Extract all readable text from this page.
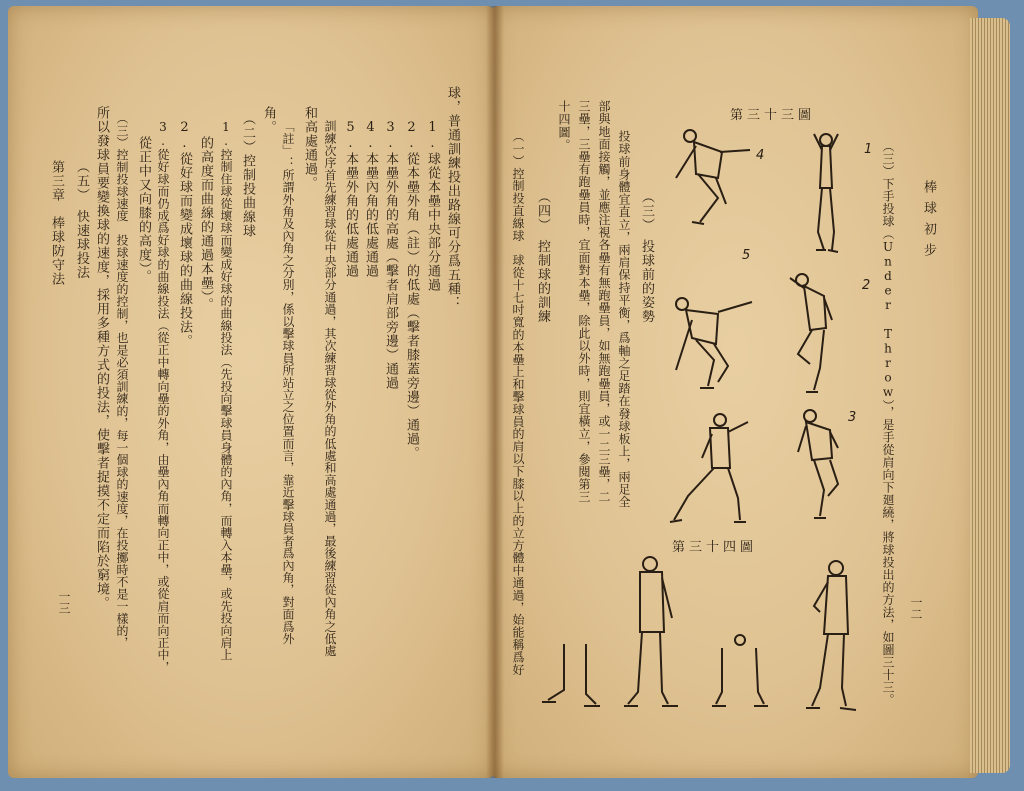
球，普通訓練投出路線可分爲五種：
1.球從本壘中央部分通過
2.從本壘外角（註）的低處（擊者膝蓋旁邊）通過。
3.本壘外角的高處（擊者肩部旁邊）通過
4.本壘內角的低處通過
5.本壘外角的低處通過
訓練次序首先練習球從中央部分通過，其次練習球從外角的低處和高處通過，最後練習從內角之低處
和高處通過。
「註」：所謂外角及內角之分別，係以擊球員所站立之位置而言，靠近擊球員者爲內角，對面爲外
角。
（二）控制投曲線球
1.控制住球從壞球而變成好球的曲線投法（先投向擊球員身體的內角，而轉入本壘，或先投向肩上
的高度而曲線的通過本壘）。
2.從好球而變成壞球的曲線投法。
3.從好球而仍成爲好球的曲線投法（從正中轉向壘的外角，由壘內角而轉向正中，或從肩而向正中，
從正中又向膝的高度）。
（三）控制投球速度　投球速度的控制，也是必須訓練的，每一個球的速度，在投擲時不是一樣的，
所以發球員要變換球的速度，採用多種方式的投法，使擊者捉摸不定而陷於窮境。
（五）　快速球投法
第三章　棒球防守法
一三
棒球初步
（三）下手投球（Under Throw），是手從肩向下廻繞，將球投出的方法，如圖三十三。 一二
（三）　投球前的姿勢
投球前身體宜直立，兩肩保持平衡，爲軸之足踏在發球板上，兩足全
部與地面接觸，並應注視各壘有無跑壘員，如無跑壘員，或一二三壘，二
三壘，三壘有跑壘員時，宜面對本壘，除此以外時，則宜橫立，參閱第三
十四圖。
（四）　控制球的訓練
（一）控制投直線球　球從十七吋寬的本壘上和擊球員的肩以下膝以上的立方體中通過，始能稱爲好
第三十三圖
第三十四圖
1
2
3
4
5
